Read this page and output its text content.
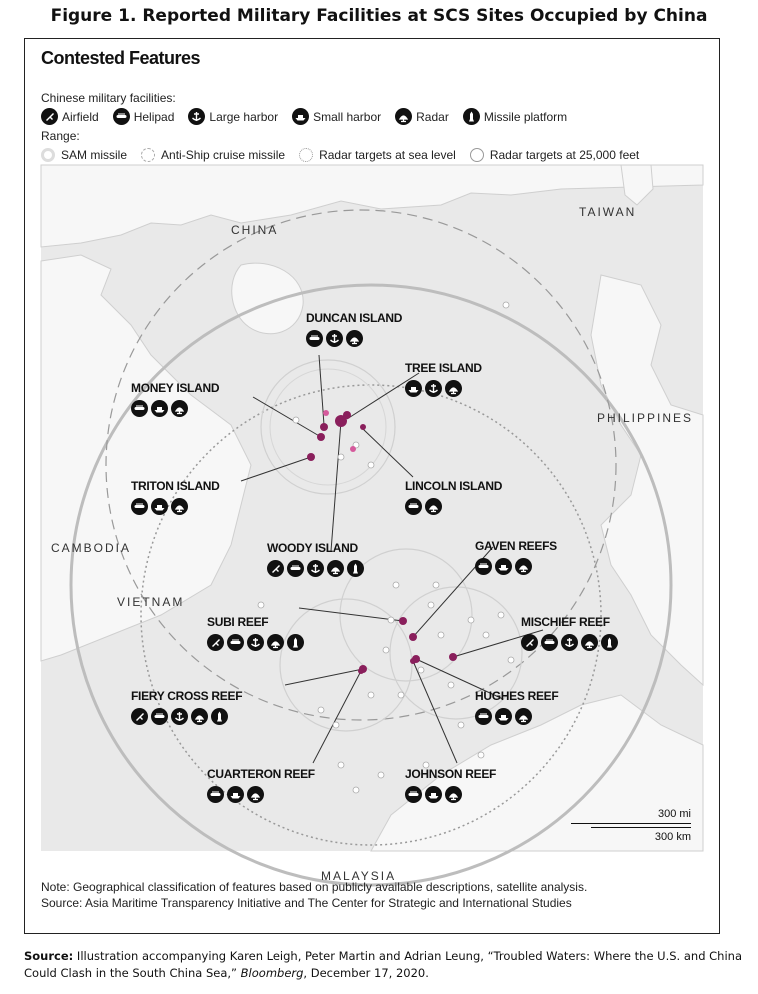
Figure 1. Reported Military Facilities at SCS Sites Occupied by China
Contested Features
Chinese military facilities:
Airfield	Helipad	Large harbor	Small harbor	Radar	Missile platform
Range:
SAM missile	Anti-Ship cruise missile	Radar targets at sea level	Radar targets at 25,000 feet
CHINA
TAIWAN
PHILIPPINES
CAMBODIA
VIETNAM
MALAYSIA
DUNCAN ISLAND
TREE ISLAND
MONEY ISLAND
TRITON ISLAND	LINCOLN ISLAND
WOODY ISLAND	GAVEN REEFS
SUBI REEF	MISCHIEF REEF
FIERY CROSS REEF	HUGHES REEF
CUARTERON REEF	JOHNSON REEF
300 mi
300 km
Note: Geographical classification of features based on publicly available descriptions, satellite analysis.
Source: Asia Maritime Transparency Initiative and The Center for Strategic and International Studies
Source: Illustration accompanying Karen Leigh, Peter Martin and Adrian Leung, “Troubled Waters: Where the U.S. and China Could Clash in the South China Sea,” Bloomberg, December 17, 2020.
